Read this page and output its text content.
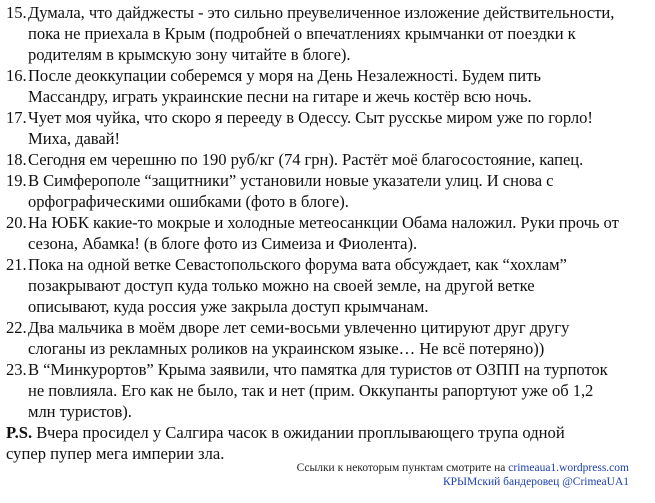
15. Думала, что дайджесты - это сильно преувеличенное изложение действительности,
пока не приехала в Крым (подробней о впечатлениях крымчанки от поездки к
родителям в крымскую зону читайте в блоге).
16. После деоккупации соберемся у моря на День Незалежності. Будем пить
Массандру, играть украинские песни на гитаре и жечь костёр всю ночь.
17. Чует моя чуйка, что скоро я перееду в Одессу. Сыт русскье миром уже по горло!
Миха, давай!
18. Сегодня ем черешню по 190 руб/кг (74 грн). Растёт моё благосостояние, капец.
19. В Симферополе “защитники” установили новые указатели улиц. И снова с
орфографическими ошибками (фото в блоге).
20. На ЮБК какие-то мокрые и холодные метеосанкции Обама наложил. Руки прочь от
сезона, Абамка! (в блоге фото из Симеиза и Фиолента).
21. Пока на одной ветке Севастопольского форума вата обсуждает, как “хохлам”
позакрывают доступ куда только можно на своей земле, на другой ветке
описывают, куда россия уже закрыла доступ крымчанам.
22. Два мальчика в моём дворе лет семи-восьми увлеченно цитируют друг другу
слоганы из рекламных роликов на украинском языке… Не всё потеряно))
23. В “Минкурортов” Крыма заявили, что памятка для туристов от ОЗПП на турпоток
не повлияла. Его как не было, так и нет (прим. Оккупанты рапортуют уже об 1,2
млн туристов).
P.S. Вчера просидел у Салгира часок в ожидании проплывающего трупа одной
супер пупер мега империи зла.
Ссылки к некоторым пунктам смотрите на crimeaua1.wordpress.com
КРЫМский бандеровец @CrimeaUA1
